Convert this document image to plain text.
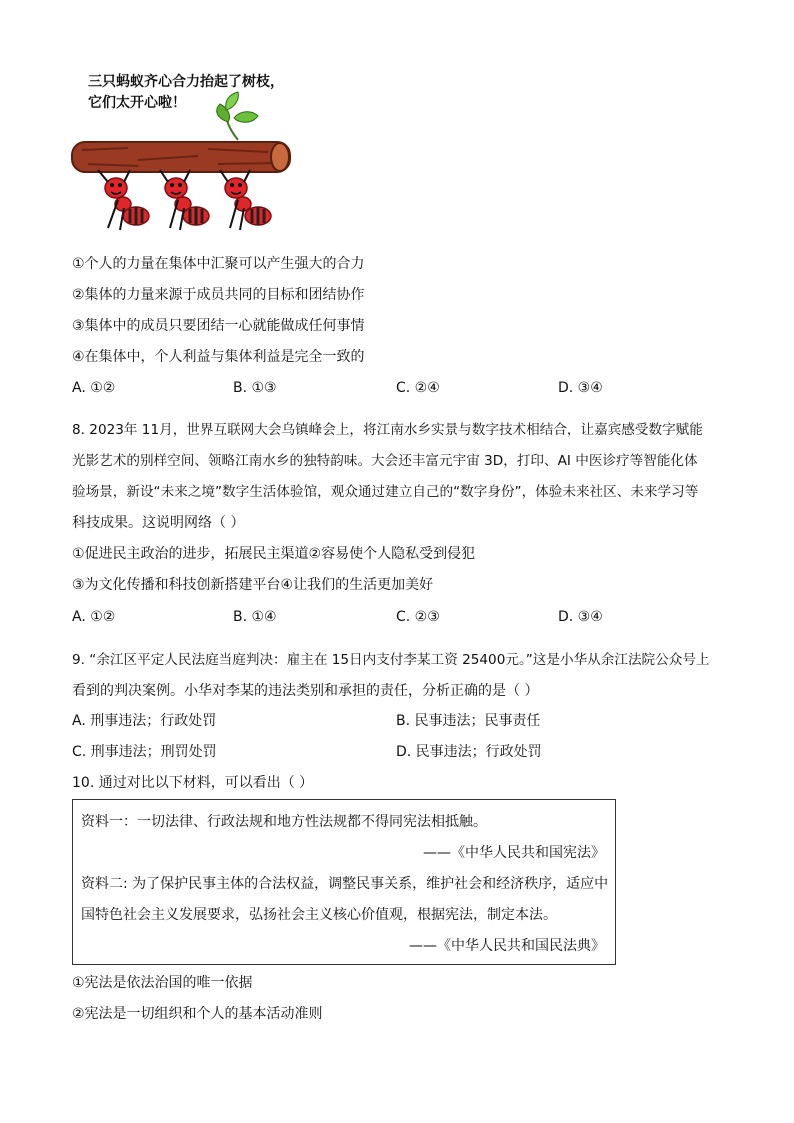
三只蚂蚁齐心合力抬起了树枝，
它们太开心啦！
①个人的力量在集体中汇聚可以产生强大的合力
②集体的力量来源于成员共同的目标和团结协作
③集体中的成员只要团结一心就能做成任何事情
④在集体中，个人利益与集体利益是完全一致的
A. ①②	B. ①③	C. ②④	D. ③④
8. 2023年 11月，世界互联网大会乌镇峰会上，将江南水乡实景与数字技术相结合，让嘉宾感受数字赋能
光影艺术的别样空间、领略江南水乡的独特韵味。大会还丰富元宇宙 3D，打印、AI 中医诊疗等智能化体
验场景，新设“未来之境”数字生活体验馆，观众通过建立自己的“数字身份”，体验未来社区、未来学习等
科技成果。这说明网络（ ）
①促进民主政治的进步，拓展民主渠道②容易使个人隐私受到侵犯
③为文化传播和科技创新搭建平台④让我们的生活更加美好
A. ①②	B. ①④	C. ②③	D. ③④
9. “余江区平定人民法庭当庭判决：雇主在 15日内支付李某工资 25400元。”这是小华从余江法院公众号上
看到的判决案例。小华对李某的违法类别和承担的责任，分析正确的是（ ）
A. 刑事违法；行政处罚	B. 民事违法；民事责任
C. 刑事违法；刑罚处罚	D. 民事违法；行政处罚
10. 通过对比以下材料，可以看出（ ）
资料一：一切法律、行政法规和地方性法规都不得同宪法相抵触。
——《中华人民共和国宪法》
资料二: 为了保护民事主体的合法权益，调整民事关系，维护社会和经济秩序，适应中
国特色社会主义发展要求，弘扬社会主义核心价值观，根据宪法，制定本法。
——《中华人民共和国民法典》
①宪法是依法治国的唯一依据
②宪法是一切组织和个人的基本活动准则
